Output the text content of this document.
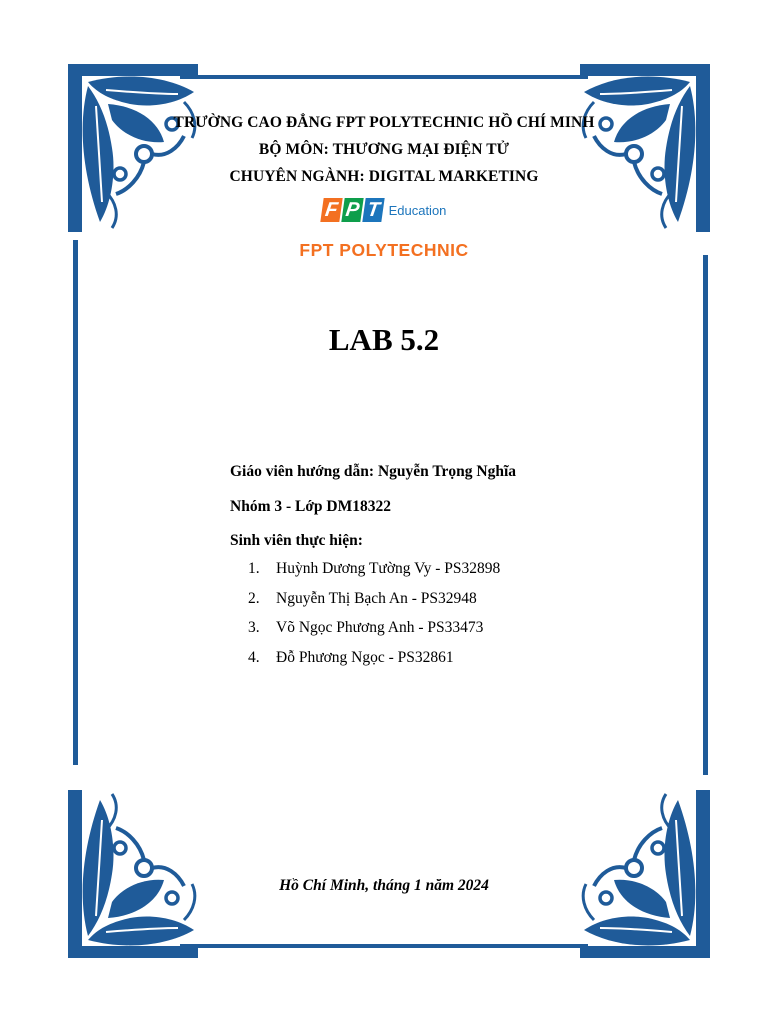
TRƯỜNG CAO ĐẲNG FPT POLYTECHNIC HỒ CHÍ MINH
BỘ MÔN: THƯƠNG MẠI ĐIỆN TỬ
CHUYÊN NGÀNH: DIGITAL MARKETING
F P T Education
FPT POLYTECHNIC
LAB 5.2
Giáo viên hướng dẫn: Nguyễn Trọng Nghĩa
Nhóm 3 - Lớp DM18322
Sinh viên thực hiện:
1.	Huỳnh Dương Tường Vy - PS32898
2.	Nguyễn Thị Bạch An - PS32948
3.	Võ Ngọc Phương Anh - PS33473
4.	Đỗ Phương Ngọc - PS32861
Hồ Chí Minh, tháng 1 năm 2024
